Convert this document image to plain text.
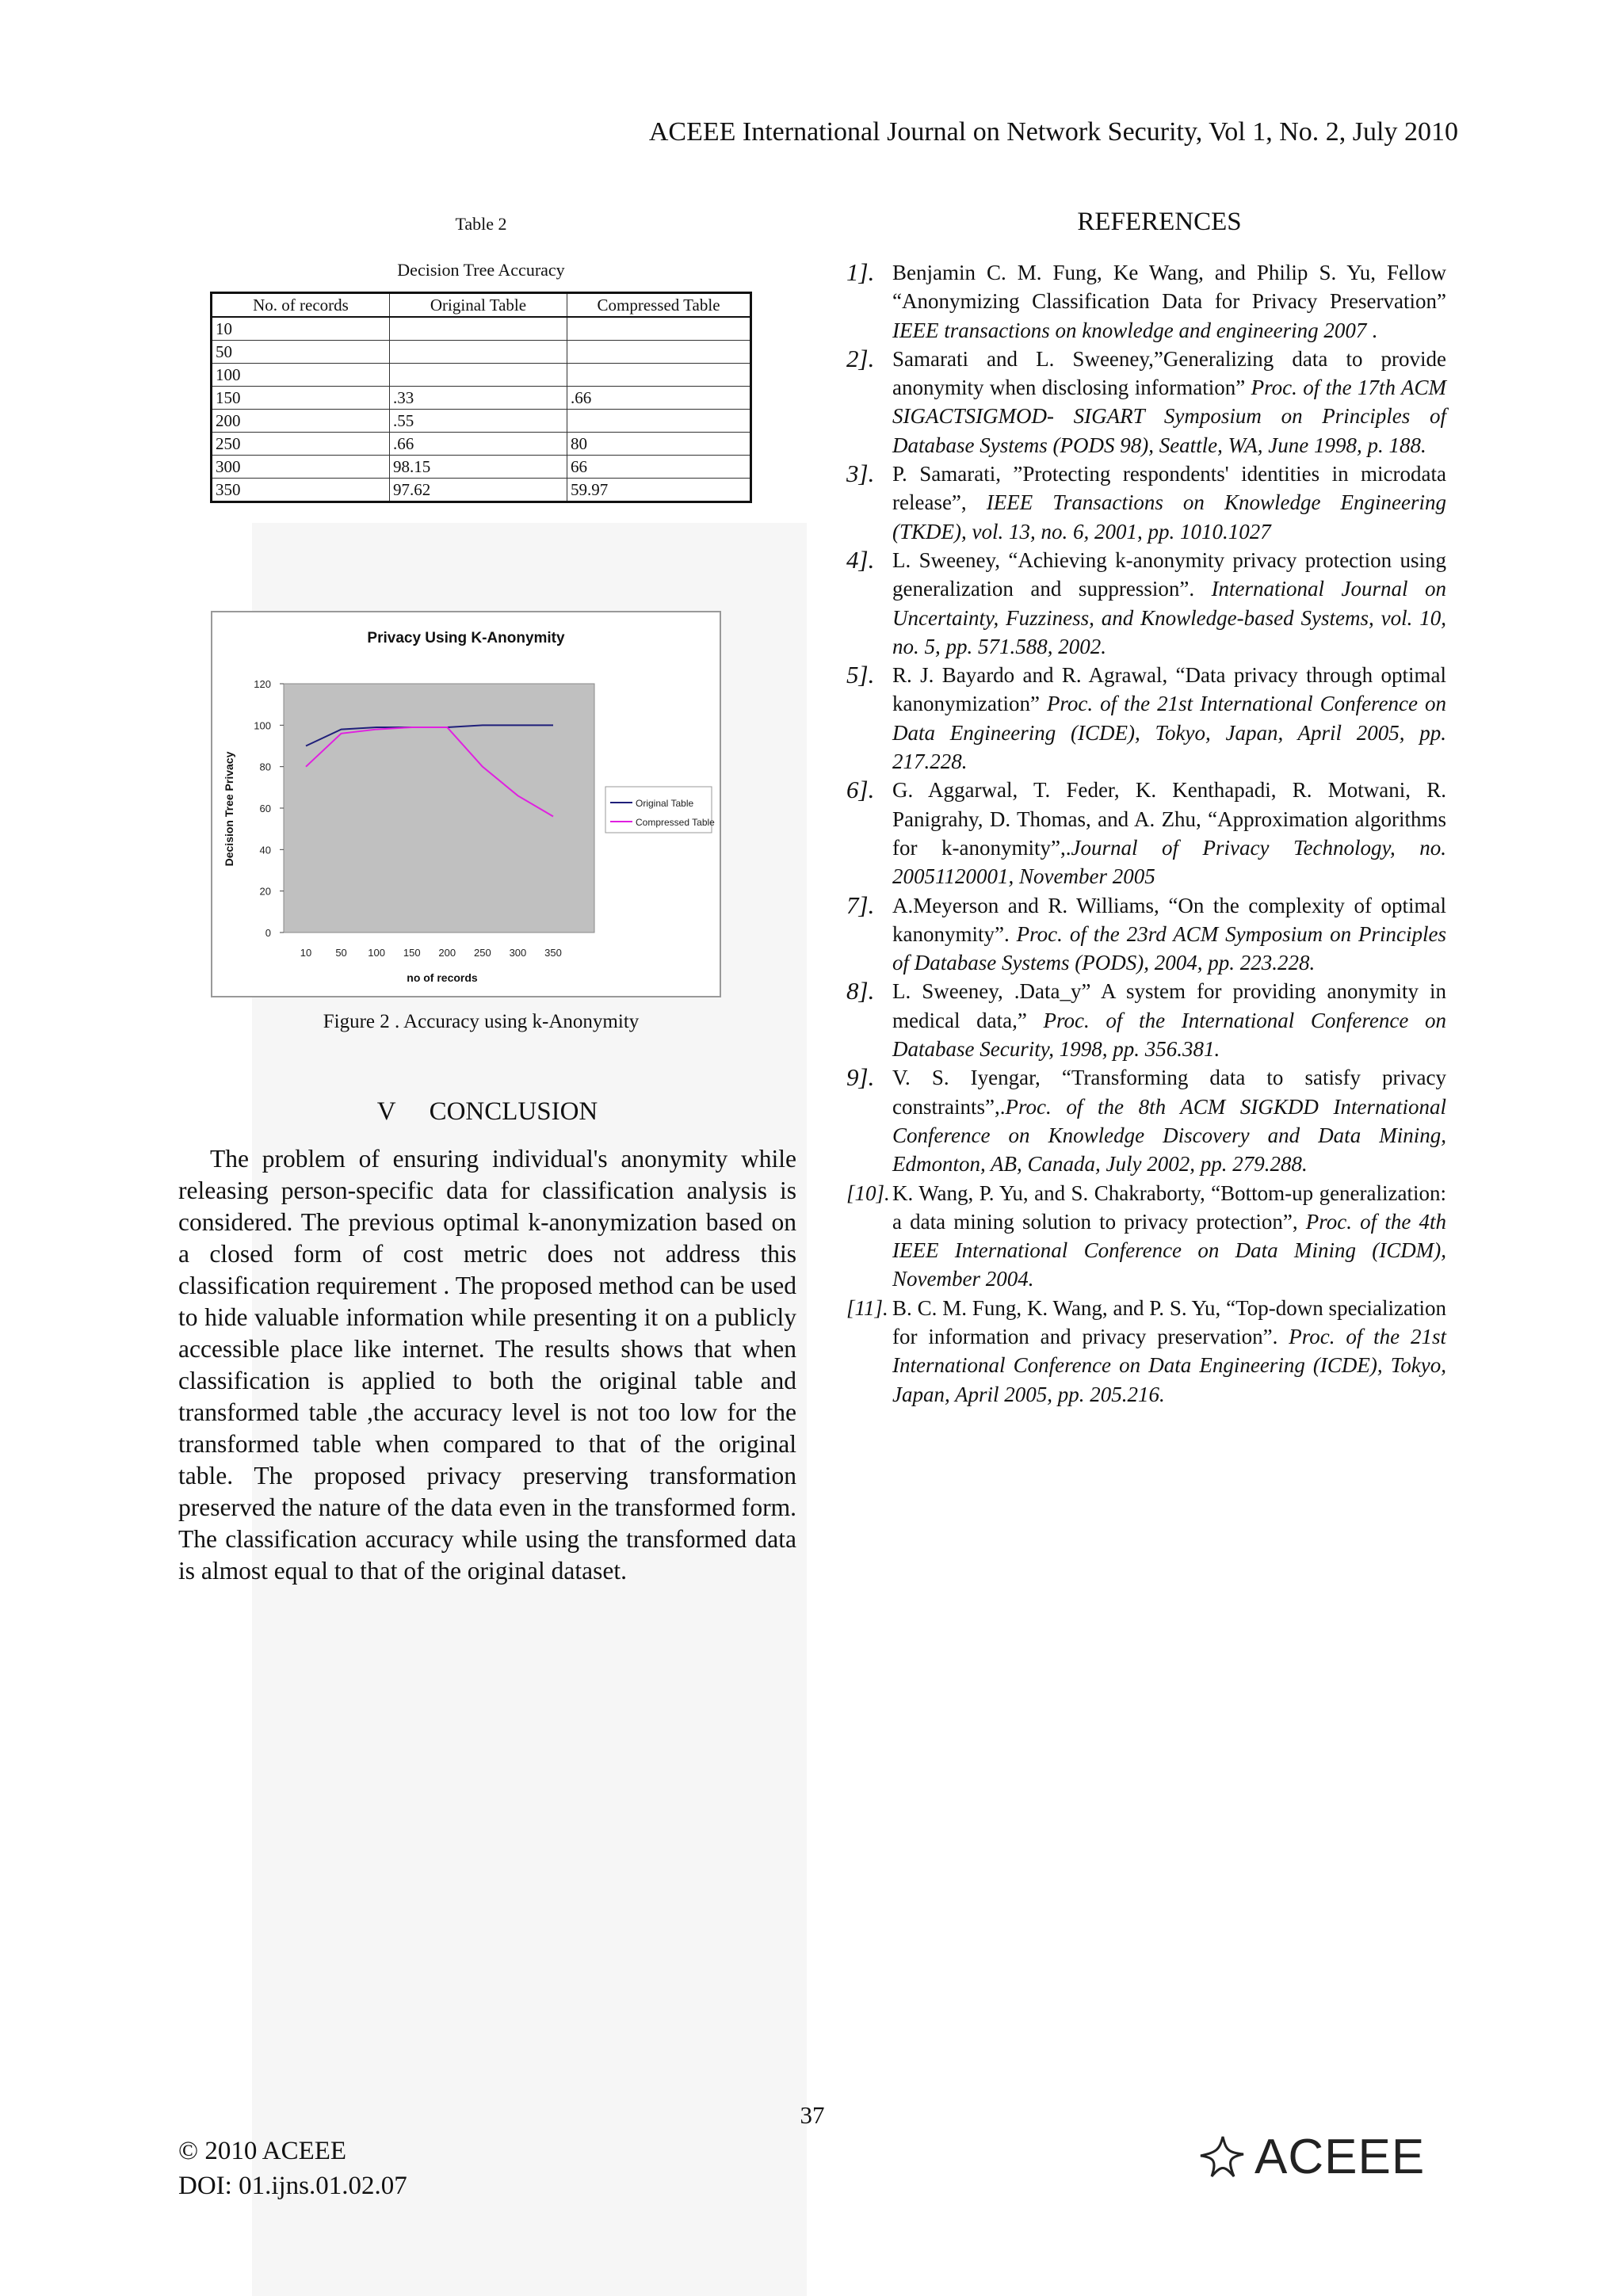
ACEEE International Journal on Network Security, Vol 1, No. 2, July 2010
Table 2
Decision Tree Accuracy
No. of records	Original Table	Compressed Table
10		
50		
100		
150	.33	.66
200	.55	
250	.66	80
300	98.15	66
350	97.62	59.97
Privacy Using K-Anonymity
0
20
40
60
80
100
120
10 50 100 150 200 250 300 350
no of records
Decision Tree Privacy	Original Table
Compressed Table
Figure 2 . Accuracy using k-Anonymity
V CONCLUSION

The problem of ensuring individual's anonymity while releasing person-specific data for classification analysis is considered. The previous optimal k-anonymization based on a closed form of cost metric does not address this classification requirement . The proposed method can be used to hide valuable information while presenting it on a publicly accessible place like internet. The results shows that when classification is applied to both the original table and transformed table ,the accuracy level is not too low for the transformed table when compared to that of the original table. The proposed privacy preserving transformation preserved the nature of the data even in the transformed form. The classification accuracy while using the transformed data is almost equal to that of the original dataset.

REFERENCES
1]. Benjamin C. M. Fung, Ke Wang, and Philip S. Yu, Fellow “Anonymizing Classification Data for Privacy Preservation” IEEE transactions on knowledge and engineering 2007 .
2]. Samarati and L. Sweeney,”Generalizing data to provide anonymity when disclosing information” Proc. of the 17th ACM SIGACTSIGMOD- SIGART Symposium on Principles of Database Systems (PODS 98), Seattle, WA, June 1998, p. 188.
3]. P. Samarati, ”Protecting respondents' identities in microdata release”, IEEE Transactions on Knowledge Engineering (TKDE), vol. 13, no. 6, 2001, pp. 1010.1027
4]. L. Sweeney, “Achieving k-anonymity privacy protection using generalization and suppression”. International Journal on Uncertainty, Fuzziness, and Knowledge-based Systems, vol. 10, no. 5, pp. 571.588, 2002.
5]. R. J. Bayardo and R. Agrawal, “Data privacy through optimal kanonymization” Proc. of the 21st International Conference on Data Engineering (ICDE), Tokyo, Japan, April 2005, pp. 217.228.
6]. G. Aggarwal, T. Feder, K. Kenthapadi, R. Motwani, R. Panigrahy, D. Thomas, and A. Zhu, “Approximation algorithms for k-anonymity”,.Journal of Privacy Technology, no. 20051120001, November 2005
7]. A.Meyerson and R. Williams, “On the complexity of optimal kanonymity”. Proc. of the 23rd ACM Symposium on Principles of Database Systems (PODS), 2004, pp. 223.228.
8]. L. Sweeney, .Data_y” A system for providing anonymity in medical data,” Proc. of the International Conference on Database Security, 1998, pp. 356.381.
9]. V. S. Iyengar, “Transforming data to satisfy privacy constraints”,.Proc. of the 8th ACM SIGKDD International Conference on Knowledge Discovery and Data Mining, Edmonton, AB, Canada, July 2002, pp. 279.288.
[10]. K. Wang, P. Yu, and S. Chakraborty, “Bottom-up generalization: a data mining solution to privacy protection”, Proc. of the 4th IEEE International Conference on Data Mining (ICDM), November 2004.
[11]. B. C. M. Fung, K. Wang, and P. S. Yu, “Top-down specialization for information and privacy preservation”. Proc. of the 21st International Conference on Data Engineering (ICDE), Tokyo, Japan, April 2005, pp. 205.216.
37
© 2010 ACEEE
DOI: 01.ijns.01.02.07
ACEEE
